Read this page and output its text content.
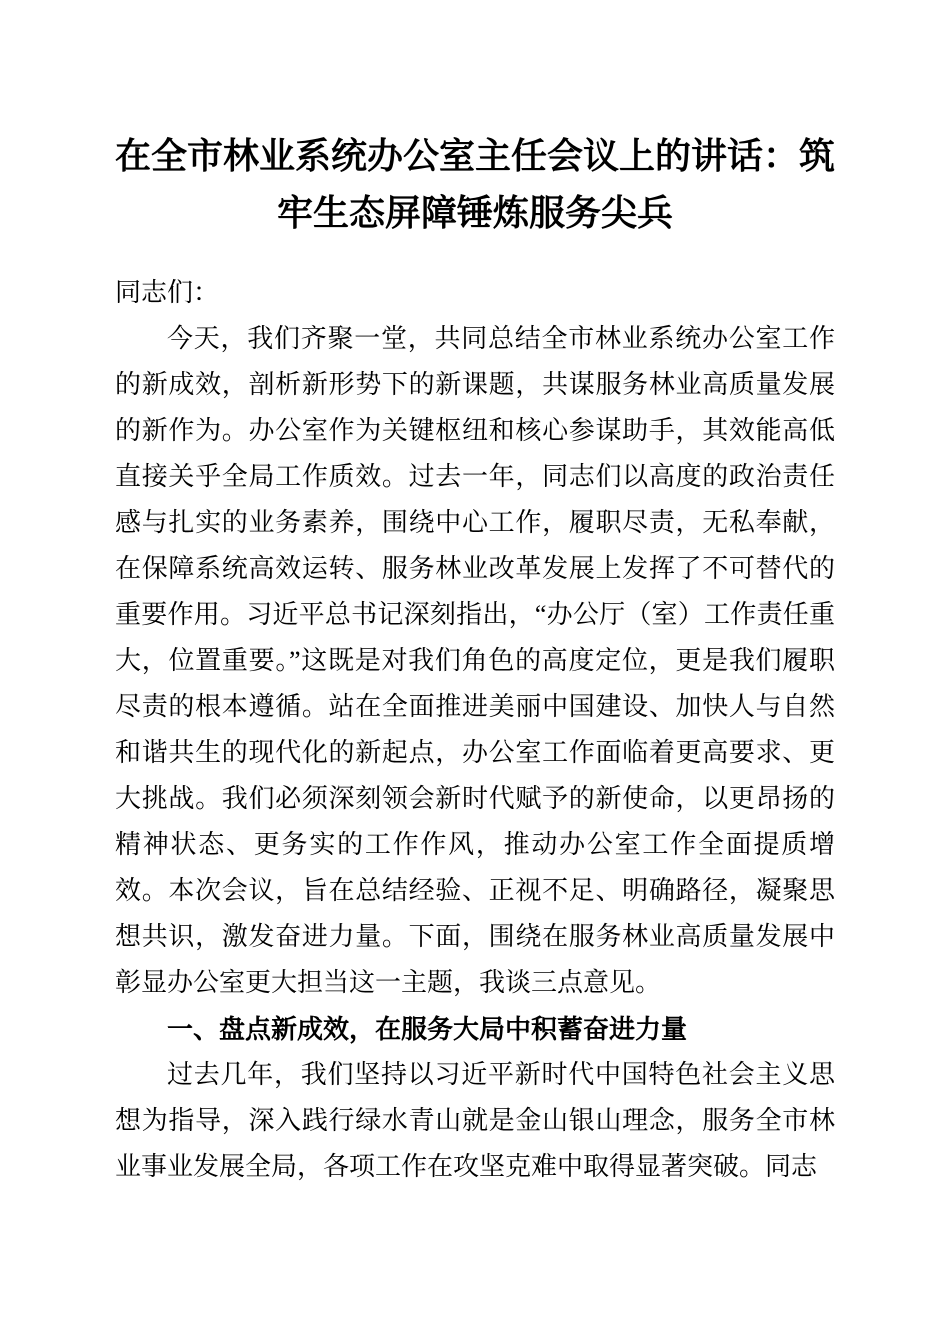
在全市林业系统办公室主任会议上的讲话：筑牢生态屏障锤炼服务尖兵

同志们：

今天，我们齐聚一堂，共同总结全市林业系统办公室工作的新成效，剖析新形势下的新课题，共谋服务林业高质量发展的新作为。办公室作为关键枢纽和核心参谋助手，其效能高低直接关乎全局工作质效。过去一年，同志们以高度的政治责任感与扎实的业务素养，围绕中心工作，履职尽责，无私奉献，在保障系统高效运转、服务林业改革发展上发挥了不可替代的重要作用。习近平总书记深刻指出，“办公厅（室）工作责任重大，位置重要。”这既是对我们角色的高度定位，更是我们履职尽责的根本遵循。站在全面推进美丽中国建设、加快人与自然和谐共生的现代化的新起点，办公室工作面临着更高要求、更大挑战。我们必须深刻领会新时代赋予的新使命，以更昂扬的精神状态、更务实的工作作风，推动办公室工作全面提质增效。本次会议，旨在总结经验、正视不足、明确路径，凝聚思想共识，激发奋进力量。下面，围绕在服务林业高质量发展中彰显办公室更大担当这一主题，我谈三点意见。

一、盘点新成效，在服务大局中积蓄奋进力量

过去几年，我们坚持以习近平新时代中国特色社会主义思想为指导，深入践行绿水青山就是金山银山理念，服务全市林业事业发展全局，各项工作在攻坚克难中取得显著突破。同志
